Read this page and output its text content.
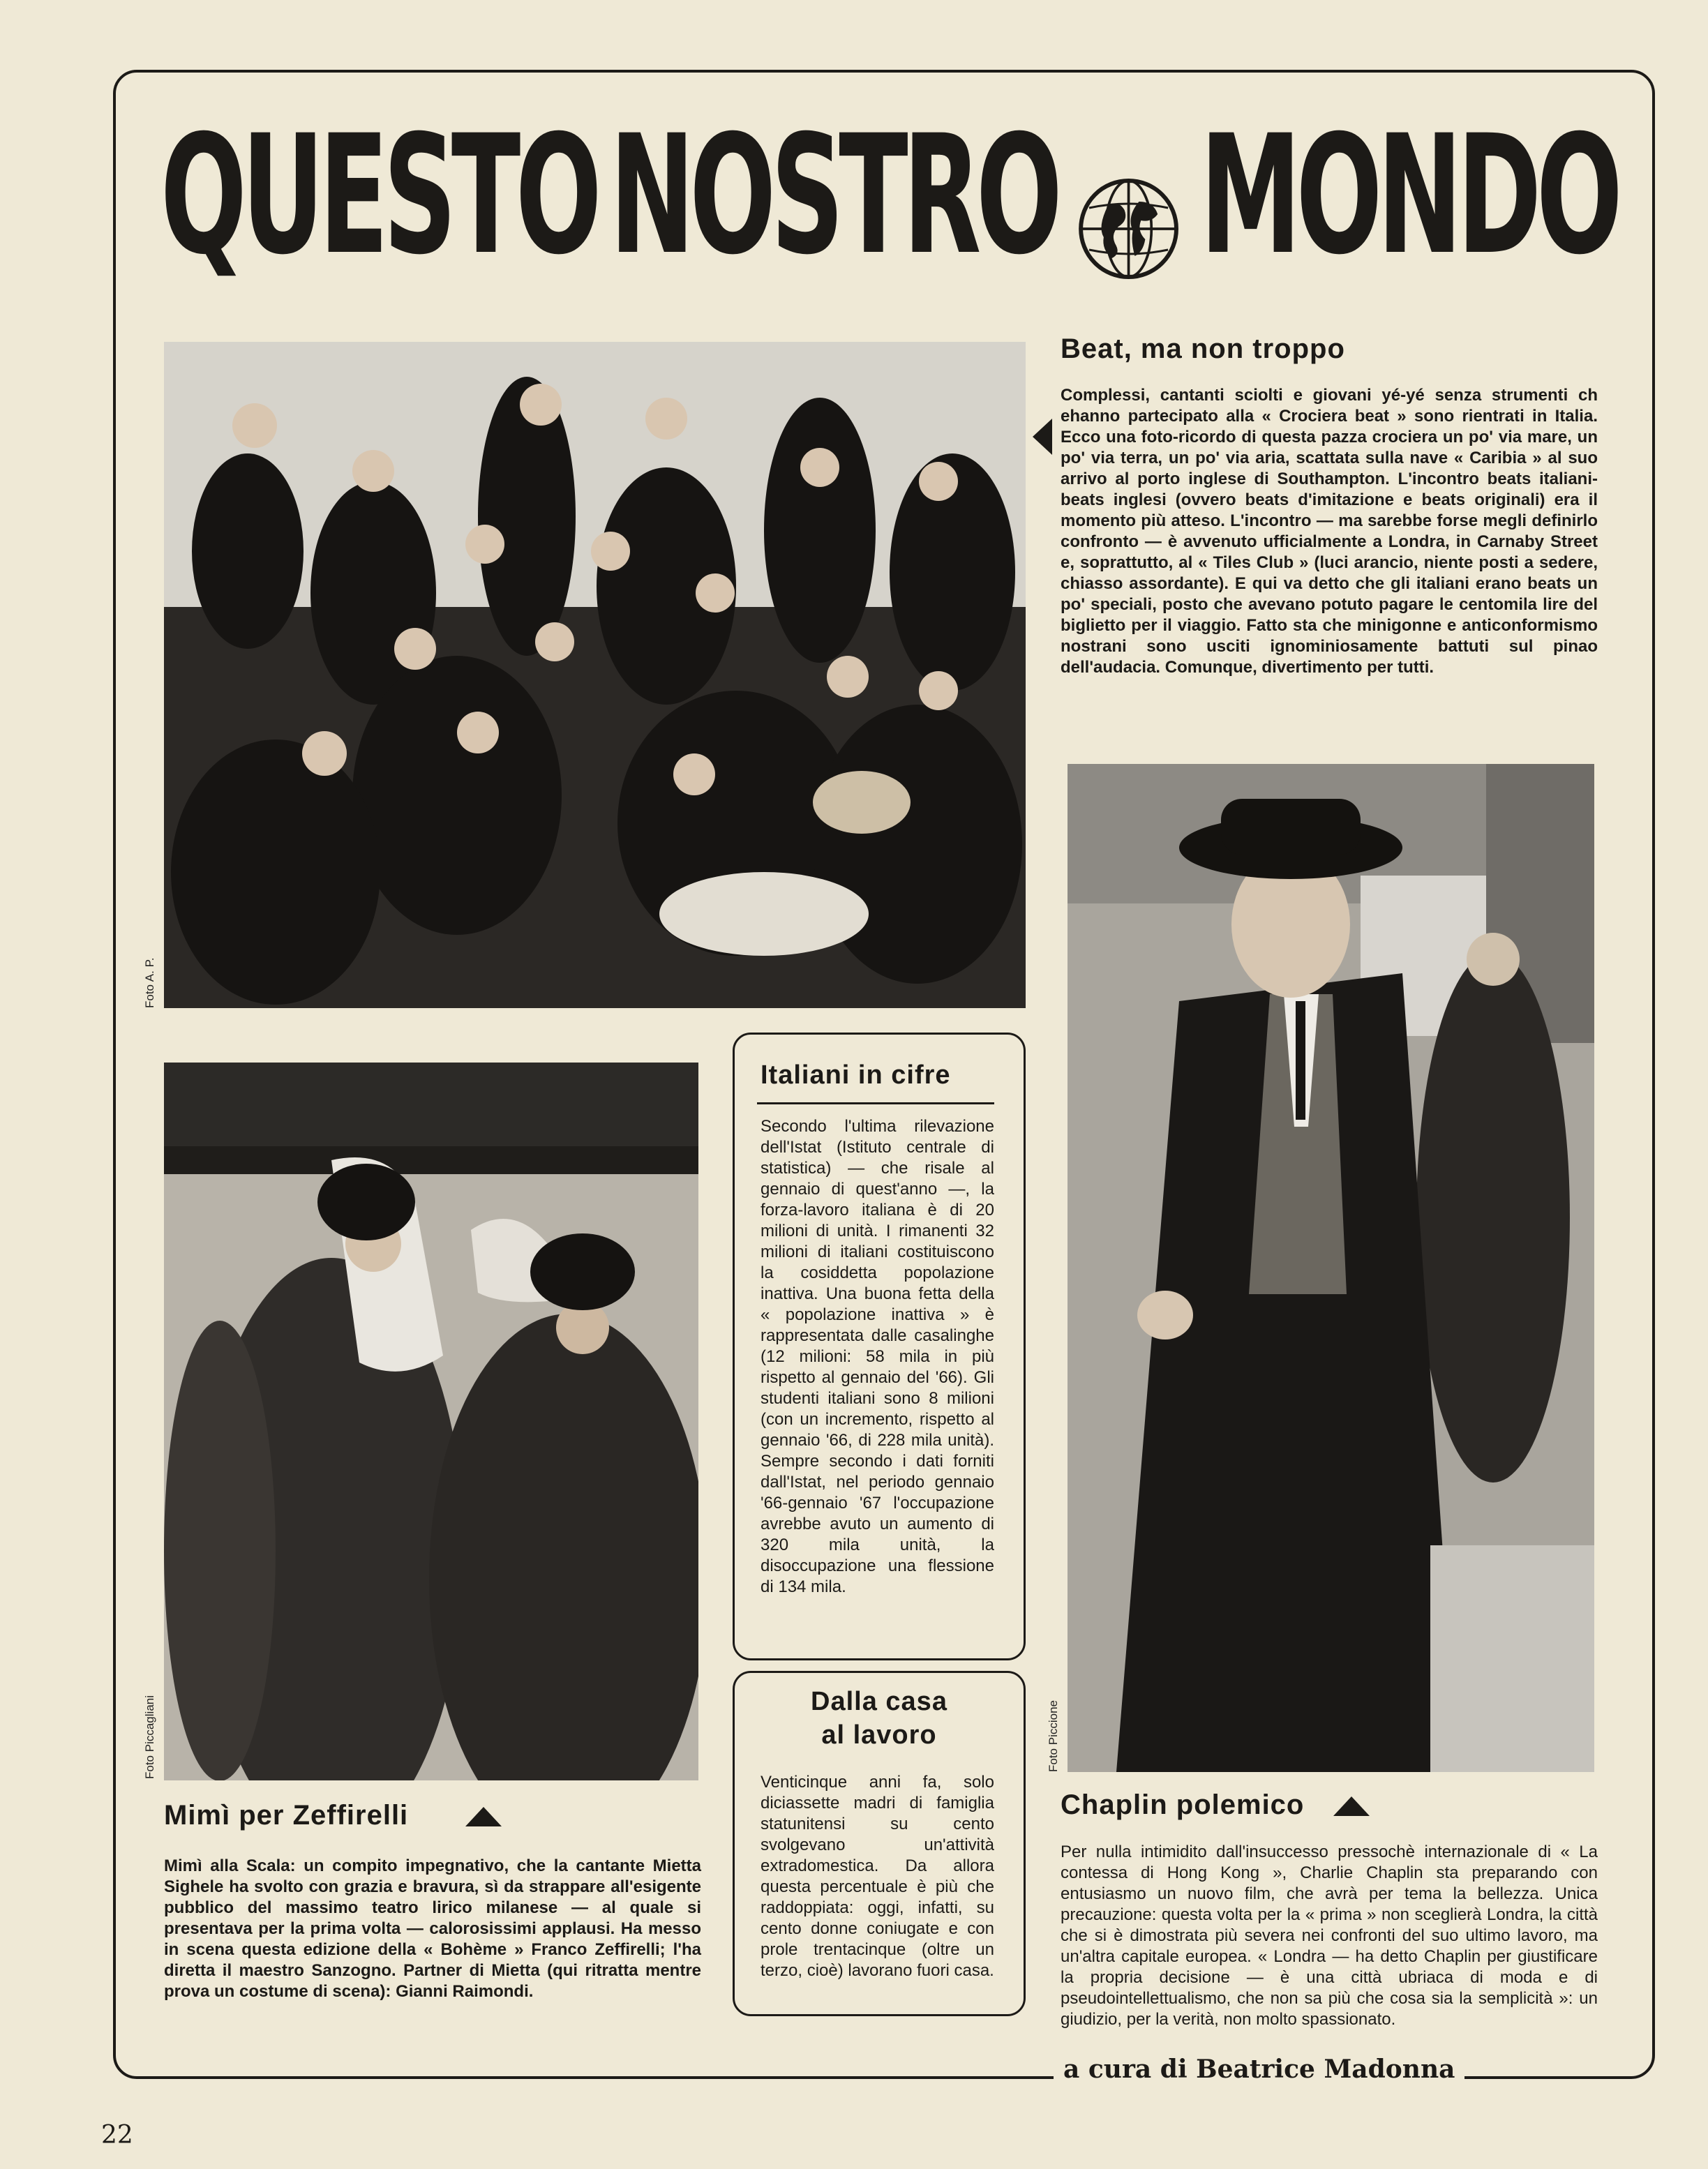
QUESTO NOSTRO MONDO
Foto A. P.
Beat, ma non troppo
Complessi, cantanti sciolti e giovani yé-yé senza strumenti ch ehanno partecipato alla « Crociera beat » sono rientrati in Italia. Ecco una foto-ricordo di questa pazza crociera un po' via mare, un po' via terra, un po' via aria, scattata sulla nave « Caribia » al suo arrivo al porto inglese di Southampton. L'incontro beats italiani-beats inglesi (ovvero beats d'imitazione e beats originali) era il momento più atteso. L'incontro — ma sarebbe forse megli definirlo confronto — è avvenuto ufficialmente a Londra, in Carnaby Street e, soprattutto, al « Tiles Club » (luci arancio, niente posti a sedere, chiasso assordante). E qui va detto che gli italiani erano beats un po' speciali, posto che avevano potuto pagare le centomila lire del biglietto per il viaggio. Fatto sta che minigonne e anticonformismo nostrani sono usciti ignominiosamente battuti sul pinao dell'audacia. Comunque, divertimento per tutti.
Foto Piccagliani
Mimì per Zeffirelli
Mimì alla Scala: un compito impegnativo, che la cantante Mietta Sighele ha svolto con grazia e bravura, sì da strappare all'esigente pubblico del massimo teatro lirico milanese — al quale si presentava per la prima volta — calorosissimi applausi. Ha messo in scena questa edizione della « Bohème » Franco Zeffirelli; l'ha diretta il maestro Sanzogno. Partner di Mietta (qui ritratta mentre prova un costume di scena): Gianni Raimondi.
Italiani in cifre
Secondo l'ultima rilevazione dell'Istat (Istituto centrale di statistica) — che risale al gennaio di quest'anno —, la forza-lavoro italiana è di 20 milioni di unità. I rimanenti 32 milioni di italiani costituiscono la cosiddetta popolazione inattiva. Una buona fetta della « popolazione inattiva » è rappresentata dalle casalinghe (12 milioni: 58 mila in più rispetto al gennaio del '66). Gli studenti italiani sono 8 milioni (con un incremento, rispetto al gennaio '66, di 228 mila unità). Sempre secondo i dati forniti dall'Istat, nel periodo gennaio '66-gennaio '67 l'occupazione avrebbe avuto un aumento di 320 mila unità, la disoccupazione una flessione di 134 mila.
Dalla casa
al lavoro
Venticinque anni fa, solo diciassette madri di famiglia statunitensi su cento svolgevano un'attività extradomestica. Da allora questa percentuale è più che raddoppiata: oggi, infatti, su cento donne coniugate e con prole trentacinque (oltre un terzo, cioè) lavorano fuori casa.
Foto Piccione
Chaplin polemico
Per nulla intimidito dall'insuccesso pressochè internazionale di « La contessa di Hong Kong », Charlie Chaplin sta preparando con entusiasmo un nuovo film, che avrà per tema la bellezza. Unica precauzione: questa volta per la « prima » non sceglierà Londra, la città che si è dimostrata più severa nei confronti del suo ultimo lavoro, ma un'altra capitale europea. « Londra — ha detto Chaplin per giustificare la propria decisione — è una città ubriaca di moda e di pseudointellettualismo, che non sa più che cosa sia la semplicità »: un giudizio, per la verità, non molto spassionato.
a cura di Beatrice Madonna
22
